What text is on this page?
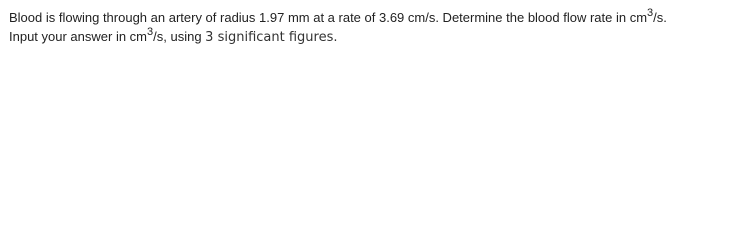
Blood is flowing through an artery of radius 1.97 mm at a rate of 3.69 cm/s. Determine the blood flow rate in $cm^3/s$.
Input your answer in $cm^3/s$, using 3 significant figures.
